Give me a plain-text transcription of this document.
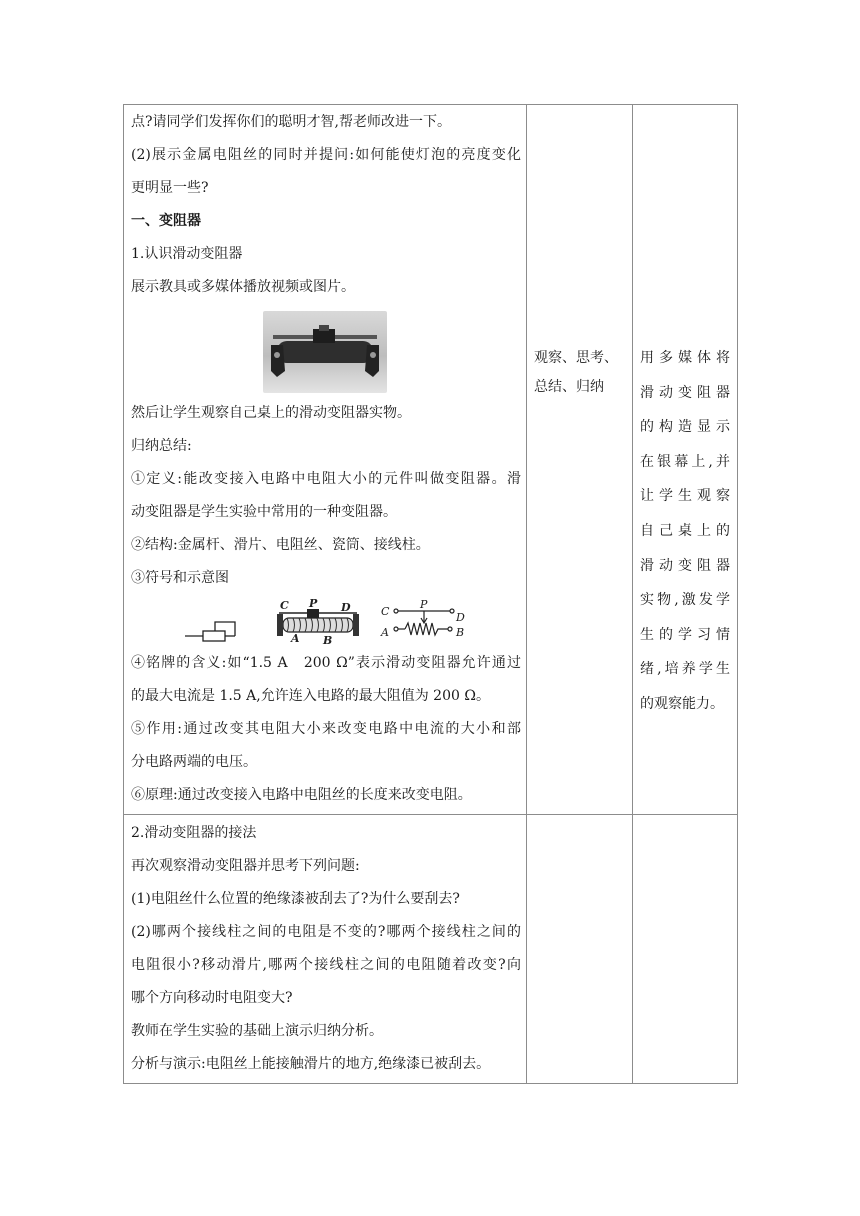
点?请同学们发挥你们的聪明才智,帮老师改进一下。
(2)展示金属电阻丝的同时并提问:如何能使灯泡的亮度变化
更明显一些?
一、变阻器
1.认识滑动变阻器
展示教具或多媒体播放视频或图片。
然后让学生观察自己桌上的滑动变阻器实物。
归纳总结:
①定义:能改变接入电路中电阻大小的元件叫做变阻器。滑
动变阻器是学生实验中常用的一种变阻器。
②结构:金属杆、滑片、电阻丝、瓷筒、接线柱。
③符号和示意图
C P D
A B
C
P
D
A	B
④铭牌的含义:如“1.5 A　200 Ω”表示滑动变阻器允许通过
的最大电流是 1.5 A,允许连入电路的最大阻值为 200 Ω。
⑤作用:通过改变其电阻大小来改变电路中电流的大小和部
分电路两端的电压。
⑥原理:通过改变接入电路中电阻丝的长度来改变电阻。
观察、思考、
总结、归纳
用多媒体将
滑动变阻器
的构造显示
在银幕上,并
让学生观察
自己桌上的
滑动变阻器
实物,激发学
生的学习情
绪,培养学生
的观察能力。
2.滑动变阻器的接法
再次观察滑动变阻器并思考下列问题:
(1)电阻丝什么位置的绝缘漆被刮去了?为什么要刮去?
(2)哪两个接线柱之间的电阻是不变的?哪两个接线柱之间的
电阻很小?移动滑片,哪两个接线柱之间的电阻随着改变?向
哪个方向移动时电阻变大?
教师在学生实验的基础上演示归纳分析。
分析与演示:电阻丝上能接触滑片的地方,绝缘漆已被刮去。
